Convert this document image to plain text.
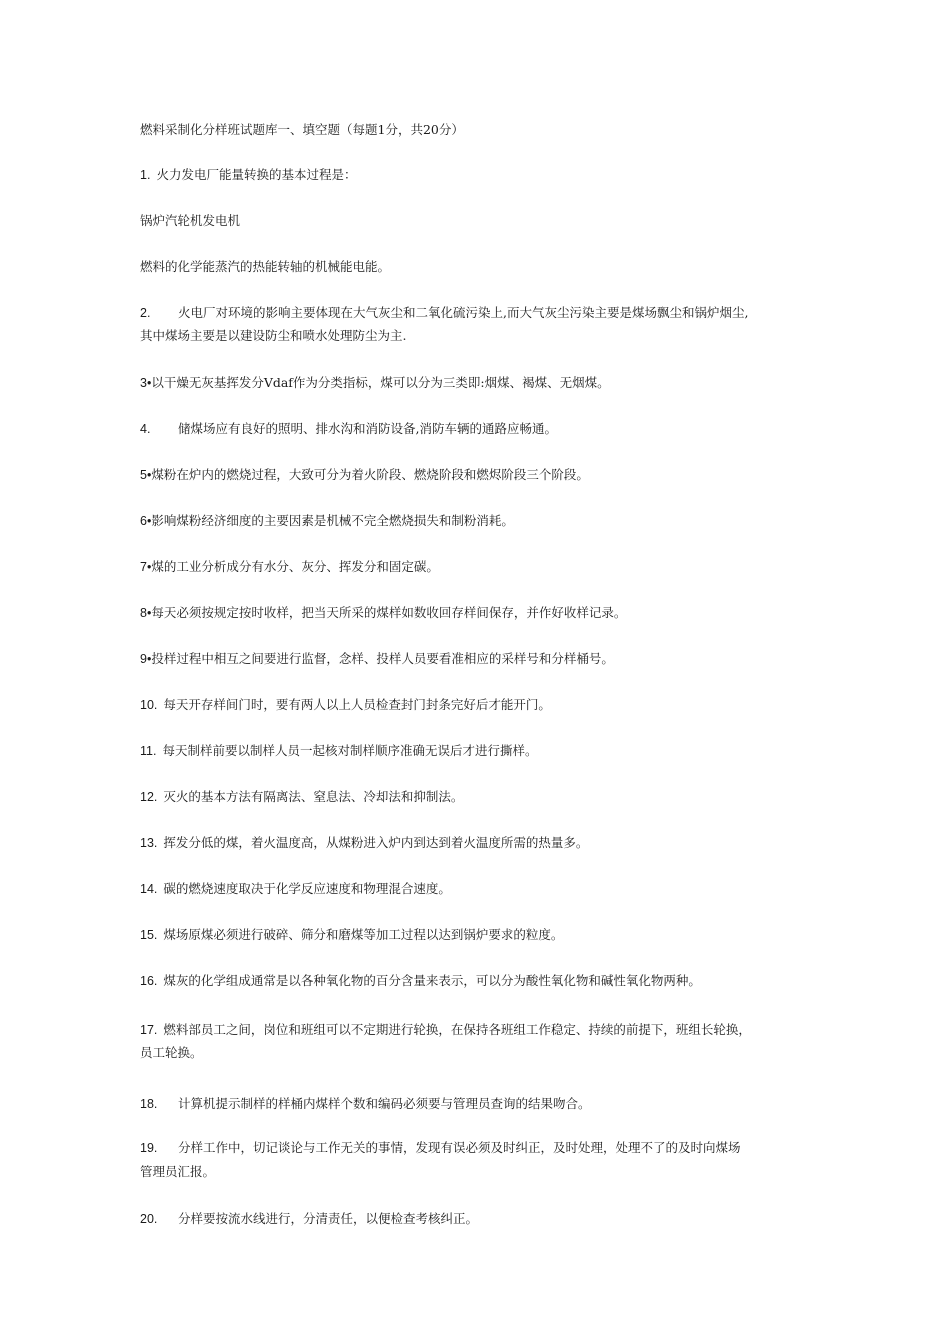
燃料采制化分样班试题库一、填空题（每题1分，共20分）
1. 火力发电厂能量转换的基本过程是：
锅炉汽轮机发电机
燃料的化学能蒸汽的热能转轴的机械能电能。
2. 火电厂对环境的影响主要体现在大气灰尘和二氧化硫污染上,而大气灰尘污染主要是煤场飘尘和锅炉烟尘,
其中煤场主要是以建设防尘和喷水处理防尘为主.
3•以干燥无灰基挥发分Vdaf作为分类指标，煤可以分为三类即:烟煤、褐煤、无烟煤。
4. 储煤场应有良好的照明、排水沟和消防设备,消防车辆的通路应畅通。
5•煤粉在炉内的燃烧过程，大致可分为着火阶段、燃烧阶段和燃烬阶段三个阶段。
6•影响煤粉经济细度的主要因素是机械不完全燃烧损失和制粉消耗。
7•煤的工业分析成分有水分、灰分、挥发分和固定碳。
8•每天必须按规定按时收样，把当天所采的煤样如数收回存样间保存，并作好收样记录。
9•投样过程中相互之间要进行监督，念样、投样人员要看准相应的采样号和分样桶号。
10. 每天开存样间门时，要有两人以上人员检查封门封条完好后才能开门。
11. 每天制样前要以制样人员一起核对制样顺序准确无误后才进行撕样。
12. 灭火的基本方法有隔离法、窒息法、冷却法和抑制法。
13. 挥发分低的煤，着火温度高，从煤粉进入炉内到达到着火温度所需的热量多。
14. 碳的燃烧速度取决于化学反应速度和物理混合速度。
15. 煤场原煤必须进行破碎、筛分和磨煤等加工过程以达到锅炉要求的粒度。
16. 煤灰的化学组成通常是以各种氧化物的百分含量来表示，可以分为酸性氧化物和碱性氧化物两种。
17. 燃料部员工之间，岗位和班组可以不定期进行轮换，在保持各班组工作稳定、持续的前提下，班组长轮换，
员工轮换。
18. 计算机提示制样的样桶内煤样个数和编码必须要与管理员查询的结果吻合。
19. 分样工作中，切记谈论与工作无关的事情，发现有误必须及时纠正，及时处理，处理不了的及时向煤场
管理员汇报。
20. 分样要按流水线进行，分清责任，以便检查考核纠正。
